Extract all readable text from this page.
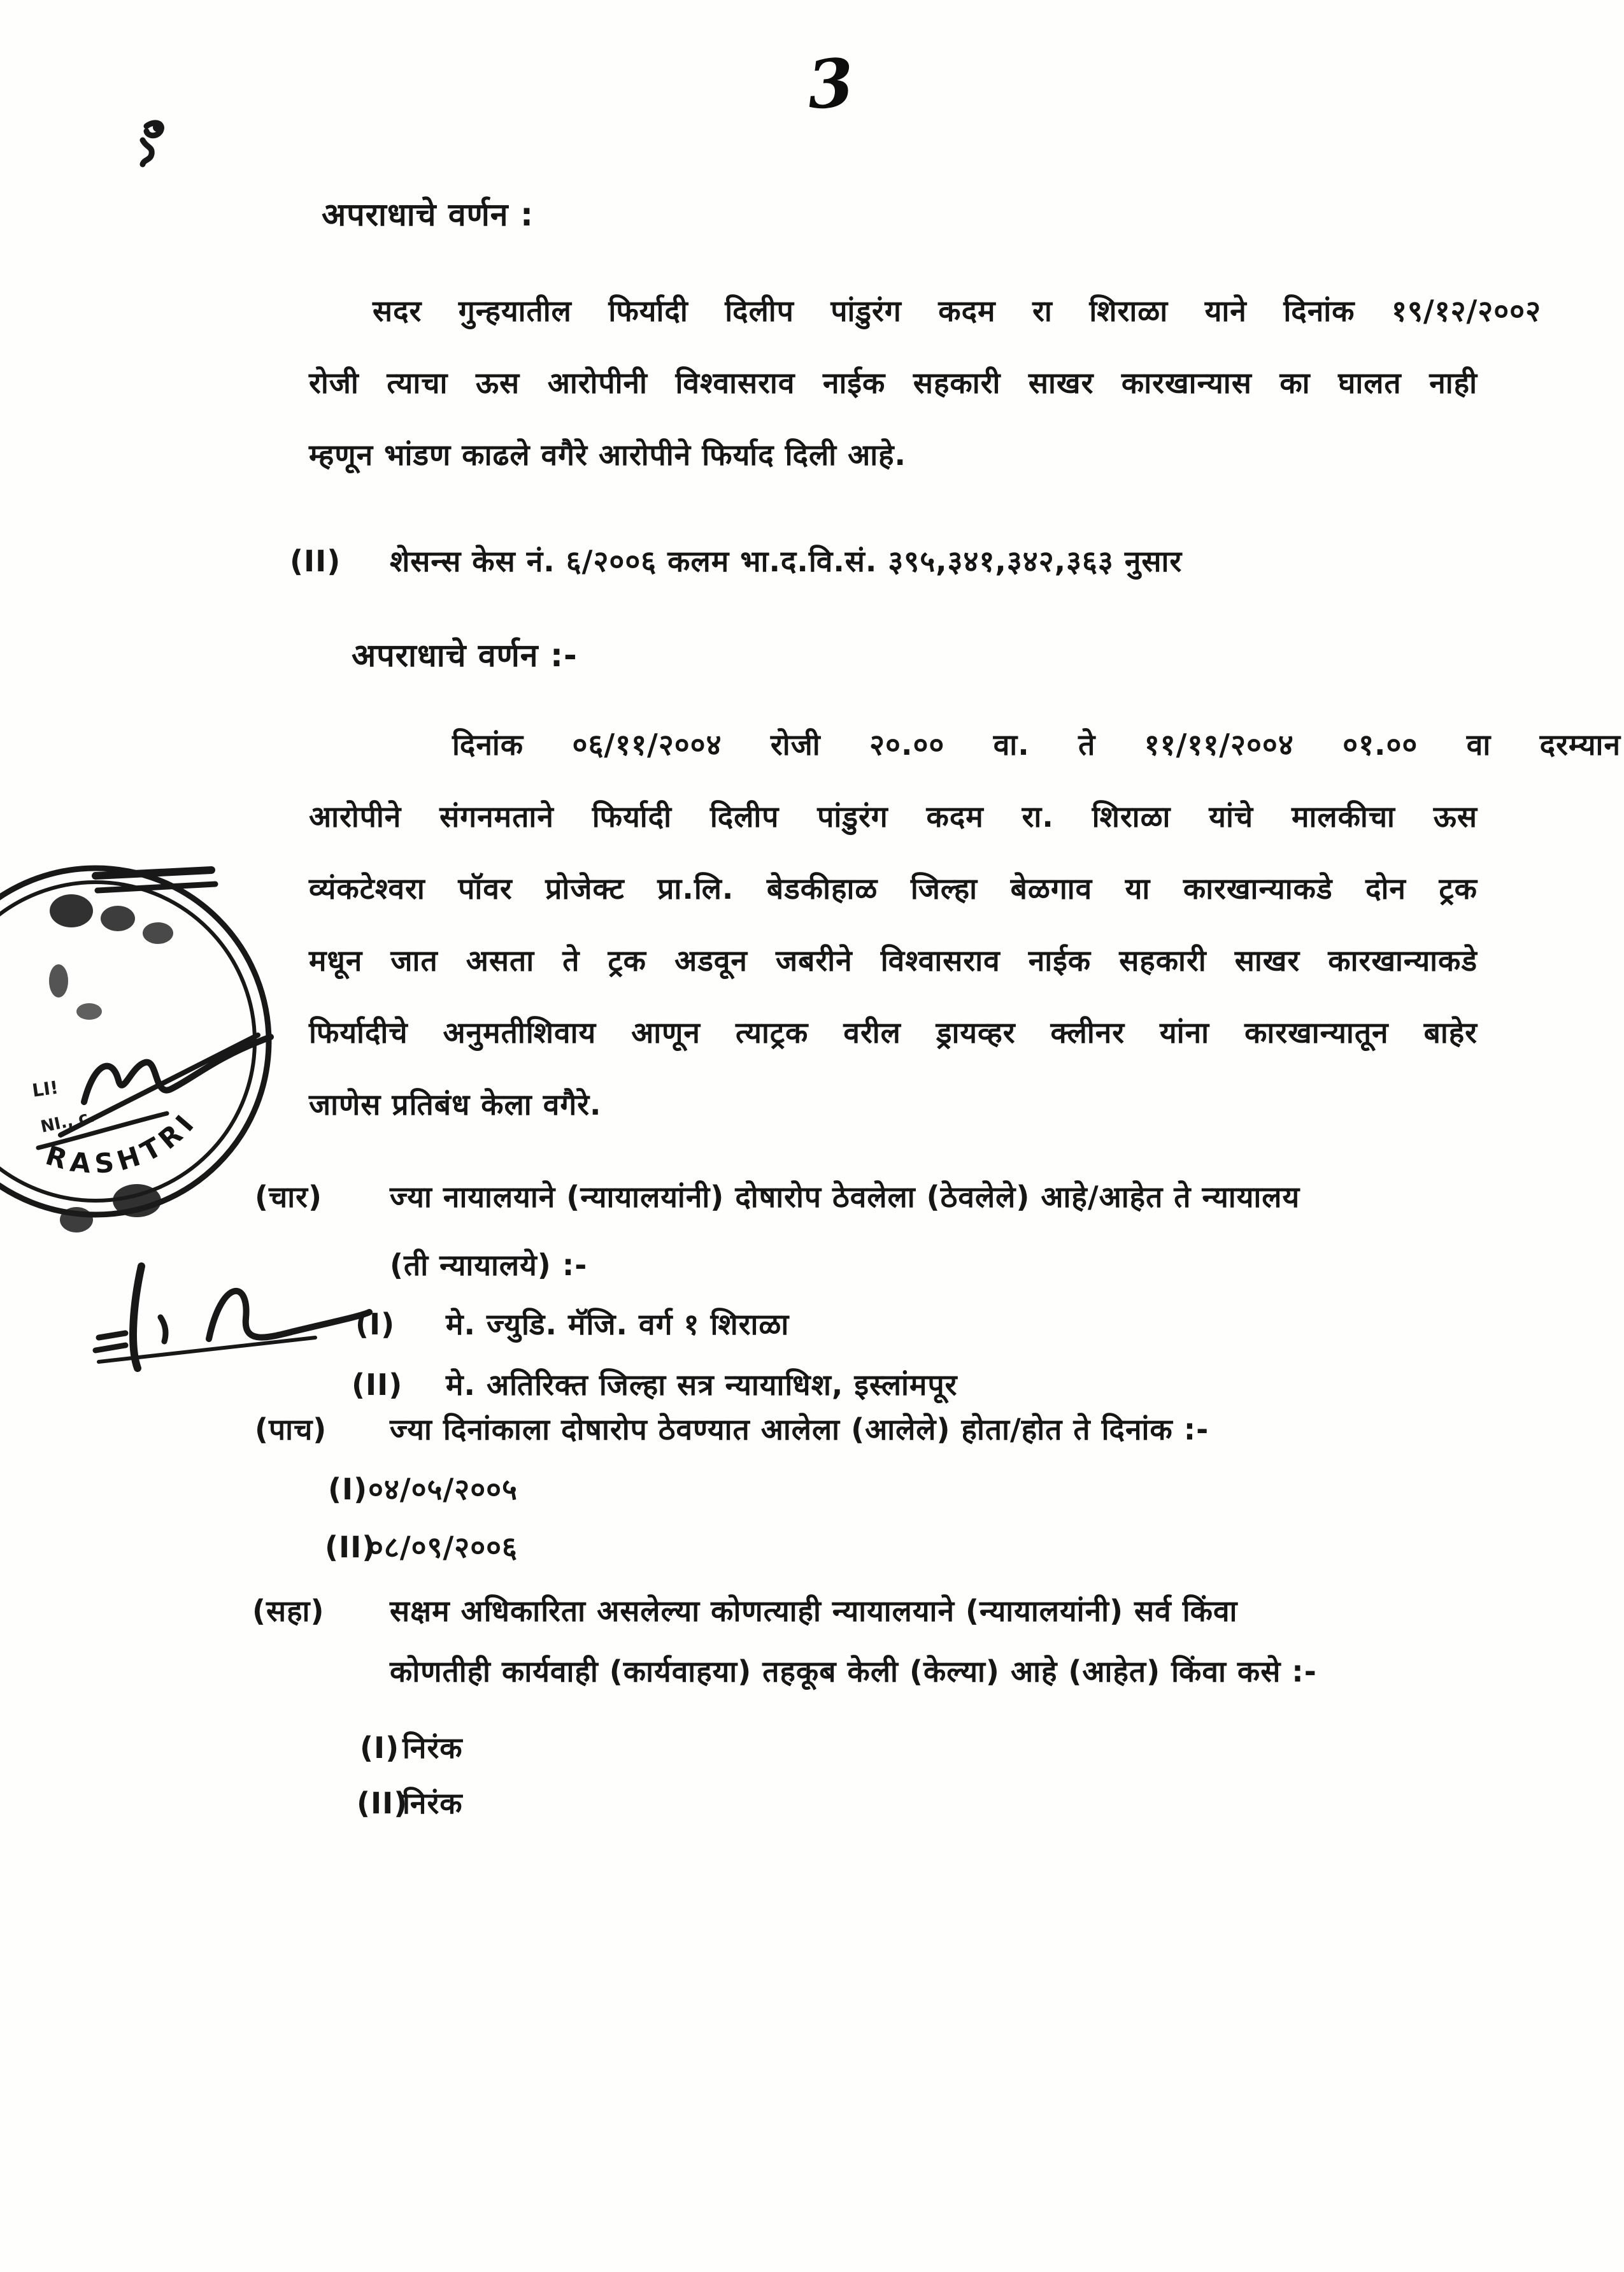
3
अपराधाचे वर्णन :
सदर गुन्हयातील फिर्यादी दिलीप पांडुरंग कदम रा शिराळा याने दिनांक १९/१२/२००२
रोजी त्याचा ऊस आरोपीनी विश्वासराव नाईक सहकारी साखर कारखान्यास का घालत नाही
म्हणून भांडण काढले वगैरे आरोपीने फिर्याद दिली आहे.
(II) शेसन्स केस नं. ६/२००६ कलम भा.द.वि.सं. ३९५,३४१,३४२,३६३ नुसार
अपराधाचे वर्णन :-
दिनांक ०६/११/२००४ रोजी २०.०० वा. ते ११/११/२००४ ०१.०० वा दरम्यान
आरोपीने संगनमताने फिर्यादी दिलीप पांडुरंग कदम रा. शिराळा यांचे मालकीचा ऊस
व्यंकटेश्वरा पॉवर प्रोजेक्ट प्रा.लि. बेडकीहाळ जिल्हा बेळगाव या कारखान्याकडे दोन ट्रक
मधून जात असता ते ट्रक अडवून जबरीने विश्वासराव नाईक सहकारी साखर कारखान्याकडे
फिर्यादीचे अनुमतीशिवाय आणून त्याट्रक वरील ड्रायव्हर क्लीनर यांना कारखान्यातून बाहेर
जाणेस प्रतिबंध केला वगैरे.
LI!
NI., c.
RASHTRI
(चार) ज्या नायालयाने (न्यायालयांनी) दोषारोप ठेवलेला (ठेवलेले) आहे/आहेत ते न्यायालय
(ती न्यायालये) :-
(I) मे. ज्युडि. मॅजि. वर्ग १ शिराळा
(II) मे. अतिरिक्त जिल्हा सत्र न्यायाधिश, इस्लांमपूर
(पाच) ज्या दिनांकाला दोषारोप ठेवण्यात आलेला (आलेले) होता/होत ते दिनांक :-
(I) ०४/०५/२००५
(II)
०८/०९/२००६
(सहा) सक्षम अधिकारिता असलेल्या कोणत्याही न्यायालयाने (न्यायालयांनी) सर्व किंवा
कोणतीही कार्यवाही (कार्यवाहया) तहकूब केली (केल्या) आहे (आहेत) किंवा कसे :-
(I) निरंक
(II)
निरंक
